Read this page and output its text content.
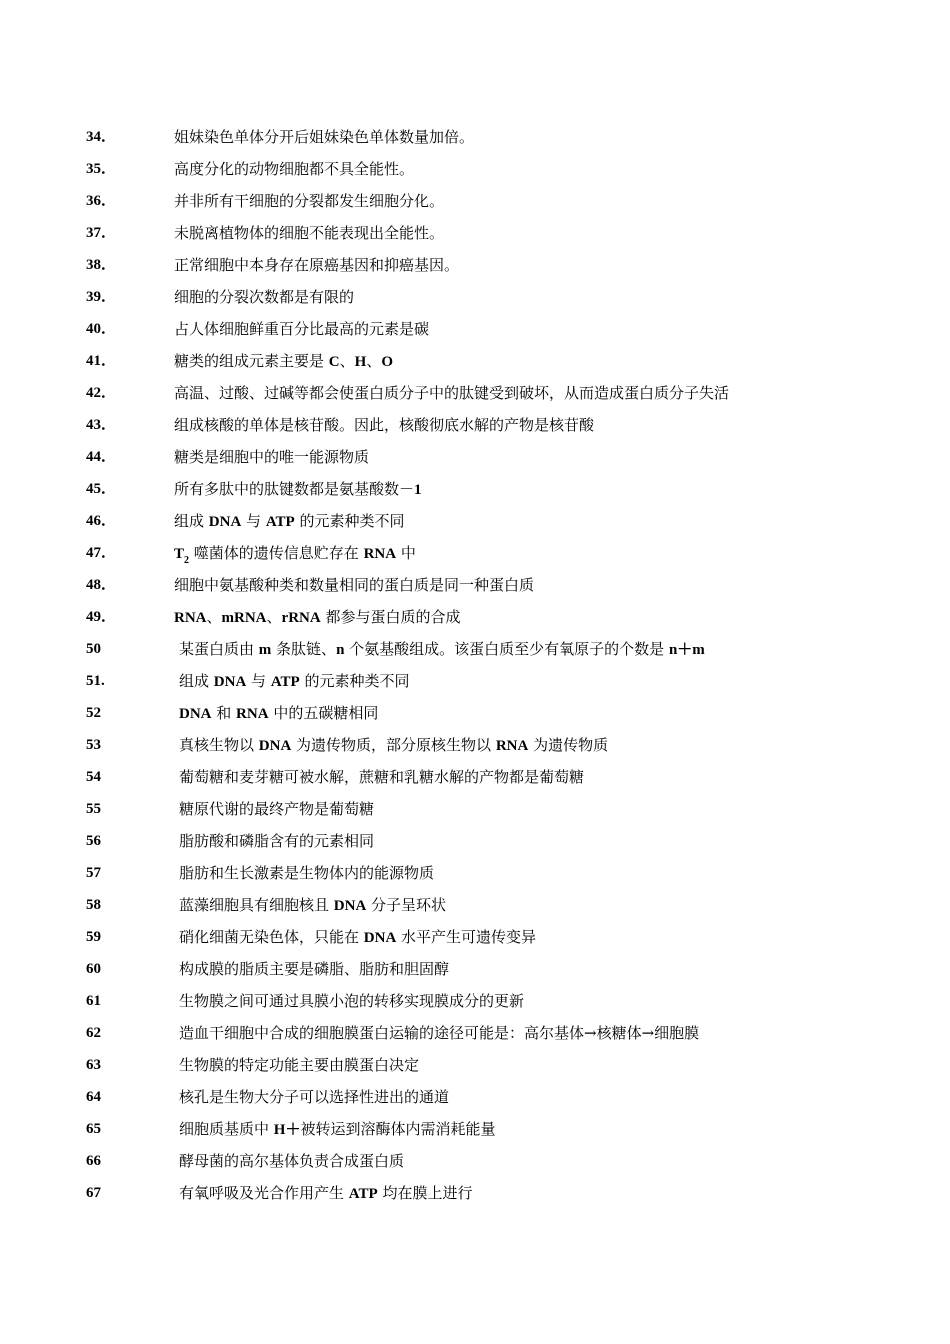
34．	姐妹染色单体分开后姐妹染色单体数量加倍。
35．	高度分化的动物细胞都不具全能性。
36．	并非所有干细胞的分裂都发生细胞分化。
37．	未脱离植物体的细胞不能表现出全能性。
38．	正常细胞中本身存在原癌基因和抑癌基因。
39．	细胞的分裂次数都是有限的
40．	占人体细胞鲜重百分比最高的元素是碳
41．	糖类的组成元素主要是 C、H、O
42．	高温、过酸、过碱等都会使蛋白质分子中的肽键受到破坏，从而造成蛋白质分子失活
43．	组成核酸的单体是核苷酸。因此，核酸彻底水解的产物是核苷酸
44．	糖类是细胞中的唯一能源物质
45．	所有多肽中的肽键数都是氨基酸数－1
46．	组成 DNA 与 ATP 的元素种类不同
47．	$T_2$ 噬菌体的遗传信息贮存在 RNA 中
48．	细胞中氨基酸种类和数量相同的蛋白质是同一种蛋白质
49．	RNA、mRNA、rRNA 都参与蛋白质的合成
50	某蛋白质由 m 条肽链、n 个氨基酸组成。该蛋白质至少有氧原子的个数是 n＋m
51.	组成 DNA 与 ATP 的元素种类不同
52	DNA 和 RNA 中的五碳糖相同
53	真核生物以 DNA 为遗传物质，部分原核生物以 RNA 为遗传物质
54	葡萄糖和麦芽糖可被水解，蔗糖和乳糖水解的产物都是葡萄糖
55	糖原代谢的最终产物是葡萄糖
56	脂肪酸和磷脂含有的元素相同
57	脂肪和生长激素是生物体内的能源物质
58	蓝藻细胞具有细胞核且 DNA 分子呈环状
59	硝化细菌无染色体，只能在 DNA 水平产生可遗传变异
60	构成膜的脂质主要是磷脂、脂肪和胆固醇
61	生物膜之间可通过具膜小泡的转移实现膜成分的更新
62	造血干细胞中合成的细胞膜蛋白运输的途径可能是：高尔基体→核糖体→细胞膜
63	生物膜的特定功能主要由膜蛋白决定
64	核孔是生物大分子可以选择性进出的通道
65	细胞质基质中 H＋被转运到溶酶体内需消耗能量
66	酵母菌的高尔基体负责合成蛋白质
67	有氧呼吸及光合作用产生 ATP 均在膜上进行
